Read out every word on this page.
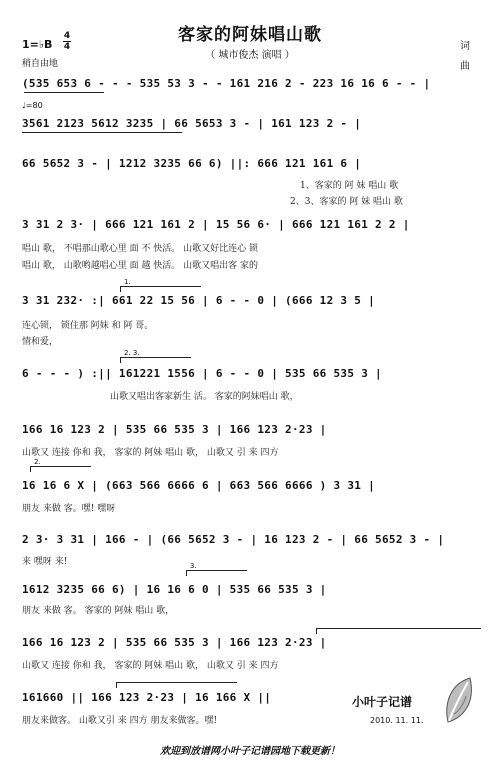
客家的阿妹唱山歌
（ 城市俊杰 演唱 ）
1=♭B
4
4
稍自由地
词
曲
♩=80
(535 653 6 - - - 535 53 3 - - 161 216 2 - 223 16 16 6 - - |
3561 2123 5612 3235 | 66 5653 3 - | 161 123 2 - |
66 5652 3 - | 1212 3235 66 6) ||: 666 121 161 6 |
1、客家的 阿 妹 唱山 歌
2、3、客家的 阿 妹 唱山 歌
3 31 2 3· | 666 121 161 2 | 15 56 6· | 666 121 161 2 2 |
唱山 歌， 不唱那山歌心里 面 不 快活。 山歌又好比连心 锁
唱山 歌， 山歌哟越唱心里 面 越 快活。 山歌又唱出客 家的
1.
3 31 232· :| 661 22 15 56 | 6 - - 0 | (666 12 3 5 |
连心锁， 锁住那 阿妹 和 阿 哥。
情和爱，
2. 3.
6 - - - ) :|| 161221 1556 | 6 - - 0 | 535 66 535 3 |
山歌又唱出客家新生 活。 客家的阿妹唱山 歌，
166 16 123 2 | 535 66 535 3 | 166 123 2·23 |
山歌又 连接 你和 我， 客家的 阿妹 唱山 歌， 山歌又 引 来 四方
2.
16 16 6 X | (663 566 6666 6 | 663 566 6666 ) 3 31 |
朋友 来做 客。嘿! 嘿呀
2 3· 3 31 | 166 - | (66 5652 3 - | 16 123 2 - | 66 5652 3 - |
来 嘿呀 来!	3.
1612 3235 66 6) | 16 16 6 0 | 535 66 535 3 |
朋友 来做 客。 客家的 阿妹 唱山 歌，
166 16 123 2 | 535 66 535 3 | 166 123 2·23 |
山歌又 连接 你和 我， 客家的 阿妹 唱山 歌， 山歌又 引 来 四方
161660 || 166 123 2·23 | 16 166 X ||
朋友来做客。 山歌又引 来 四方 朋友来做客。嘿!
小叶子记谱
2010. 11. 11.
欢迎到放谱网小叶子记谱园地下载更新！
